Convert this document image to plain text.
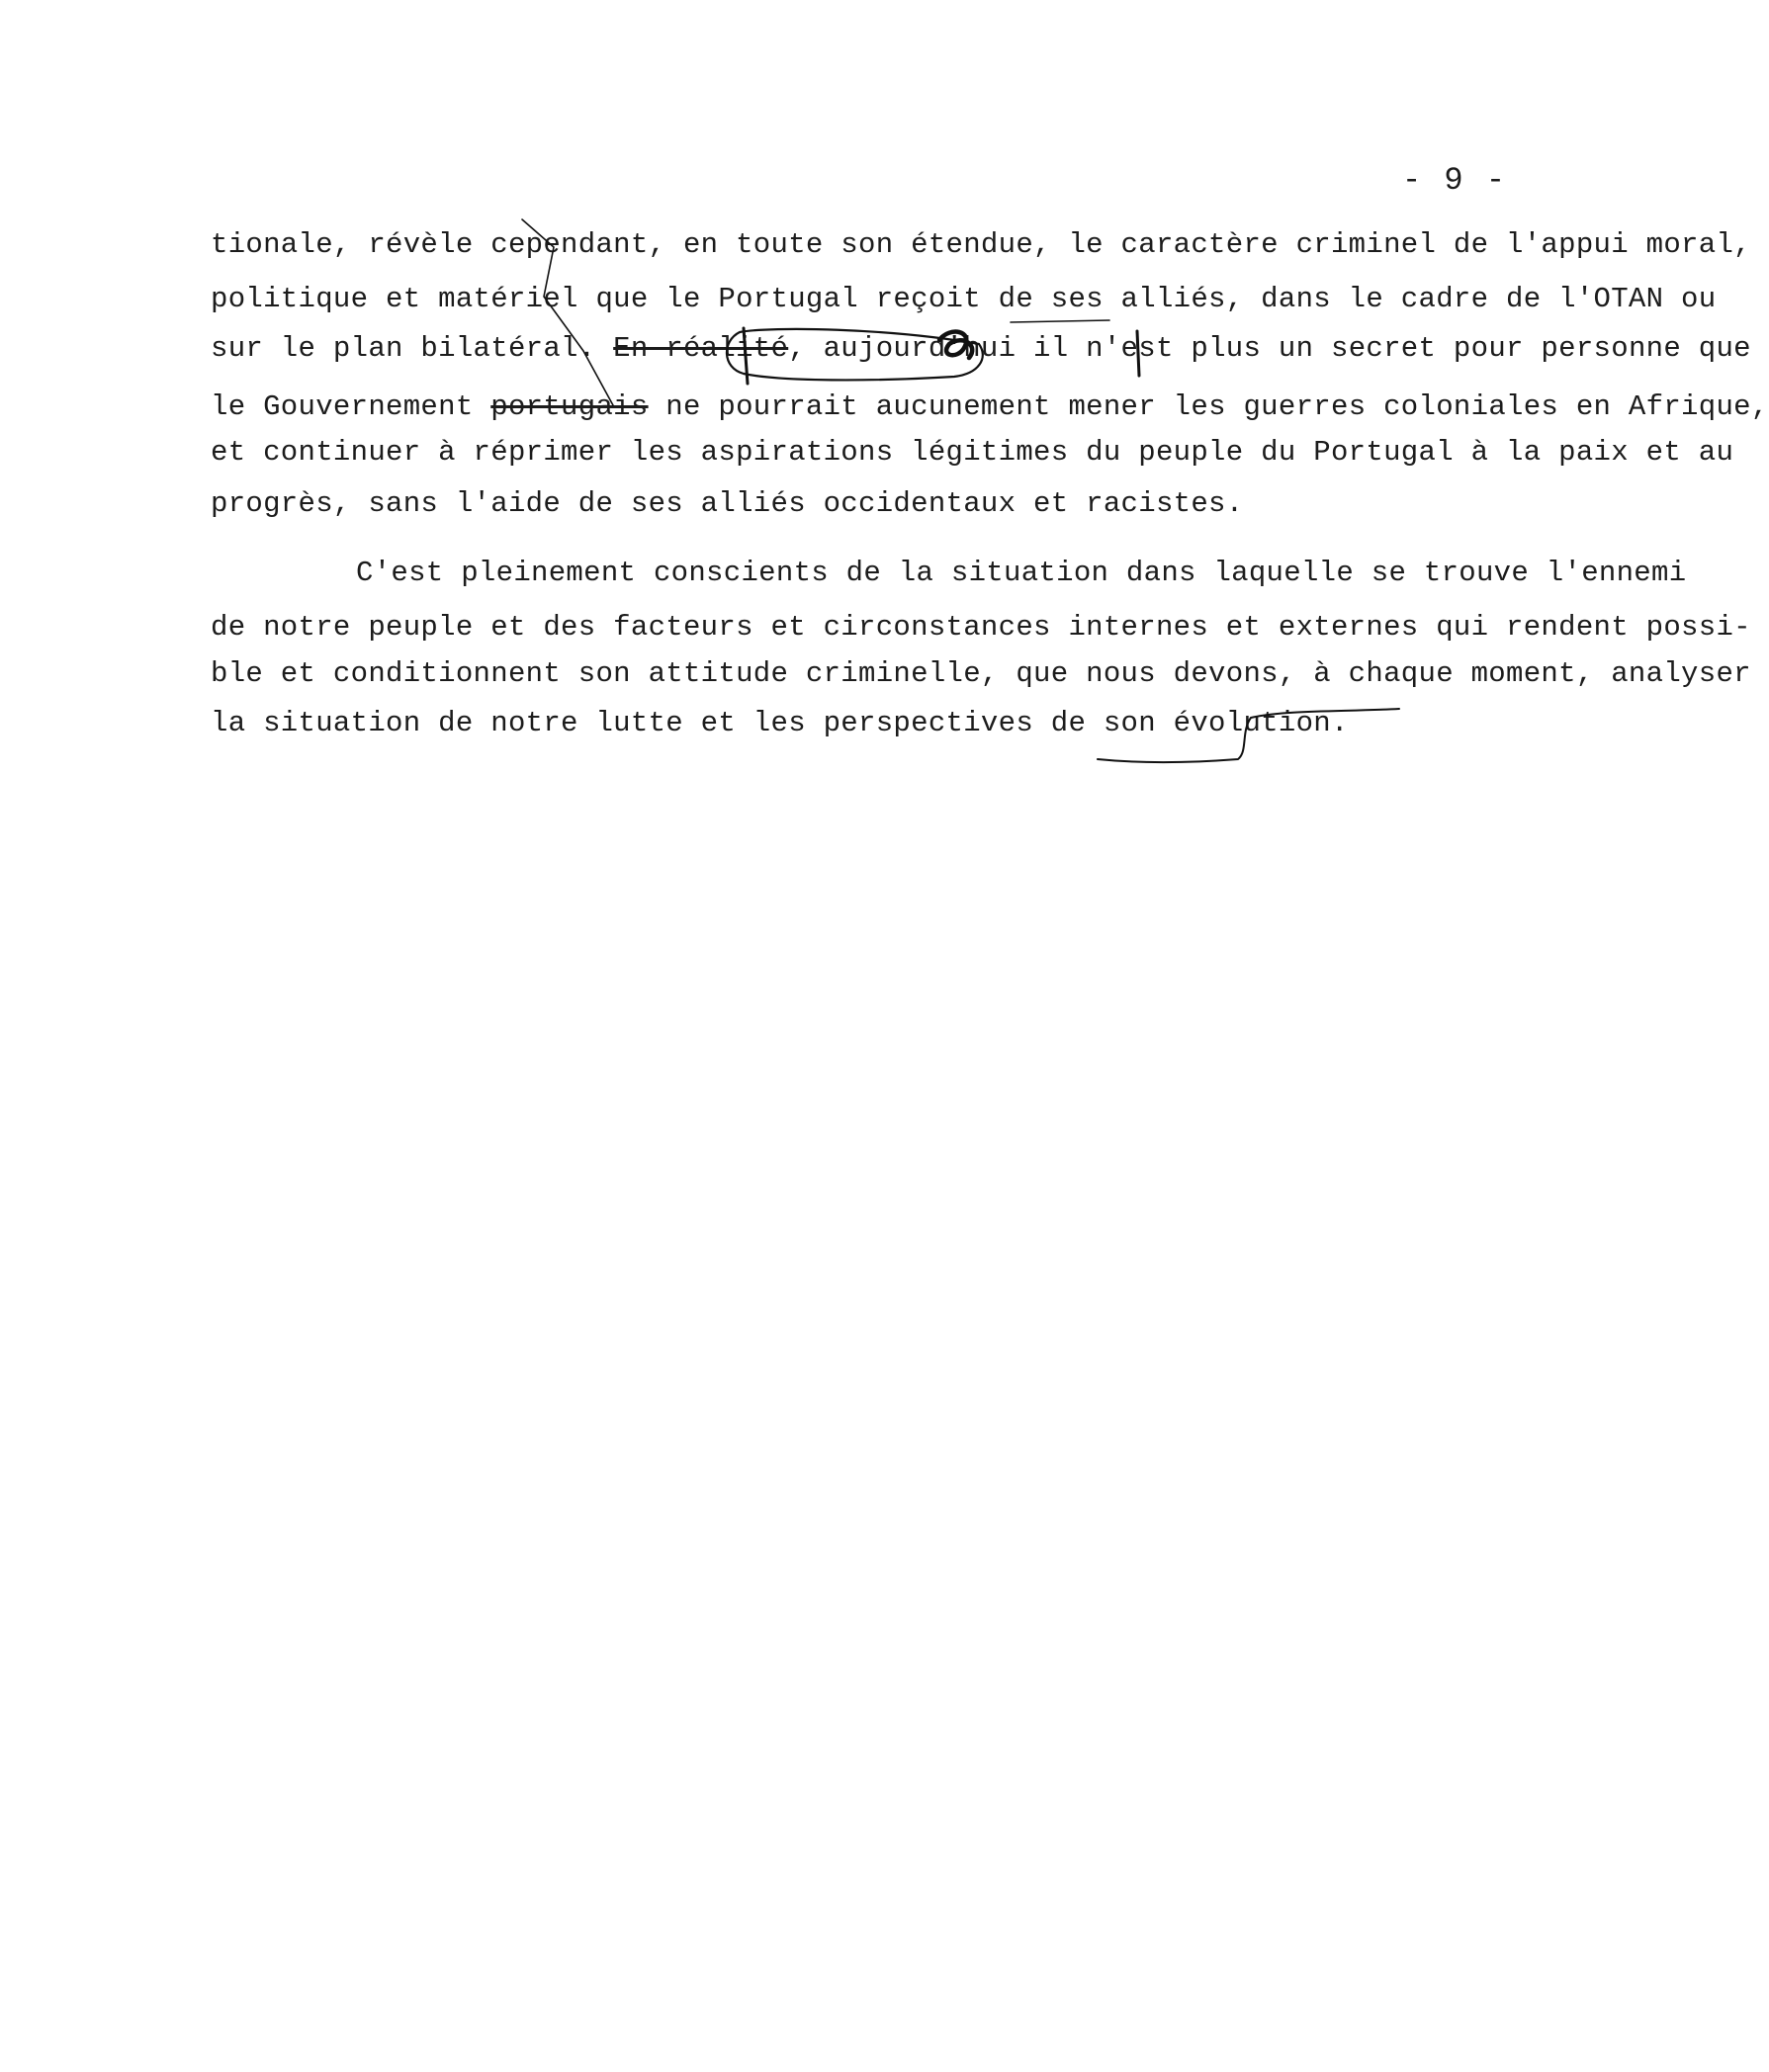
- 9 -
tionale, révèle cependant, en toute son étendue, le caractère criminel de l'appui moral,
politique et matériel que le Portugal reçoit de ses alliés, dans le cadre de l'OTAN ou
sur le plan bilatéral. En réalité, aujourd'hui il n'est plus un secret pour personne que
le Gouvernement portugais ne pourrait aucunement mener les guerres coloniales en Afrique,
et continuer à réprimer les aspirations légitimes du peuple du Portugal à la paix et au
progrès, sans l'aide de ses alliés occidentaux et racistes.
C'est pleinement conscients de la situation dans laquelle se trouve l'ennemi
de notre peuple et des facteurs et circonstances internes et externes qui rendent possi-
ble et conditionnent son attitude criminelle, que nous devons, à chaque moment, analyser
la situation de notre lutte et les perspectives de son évolution.
